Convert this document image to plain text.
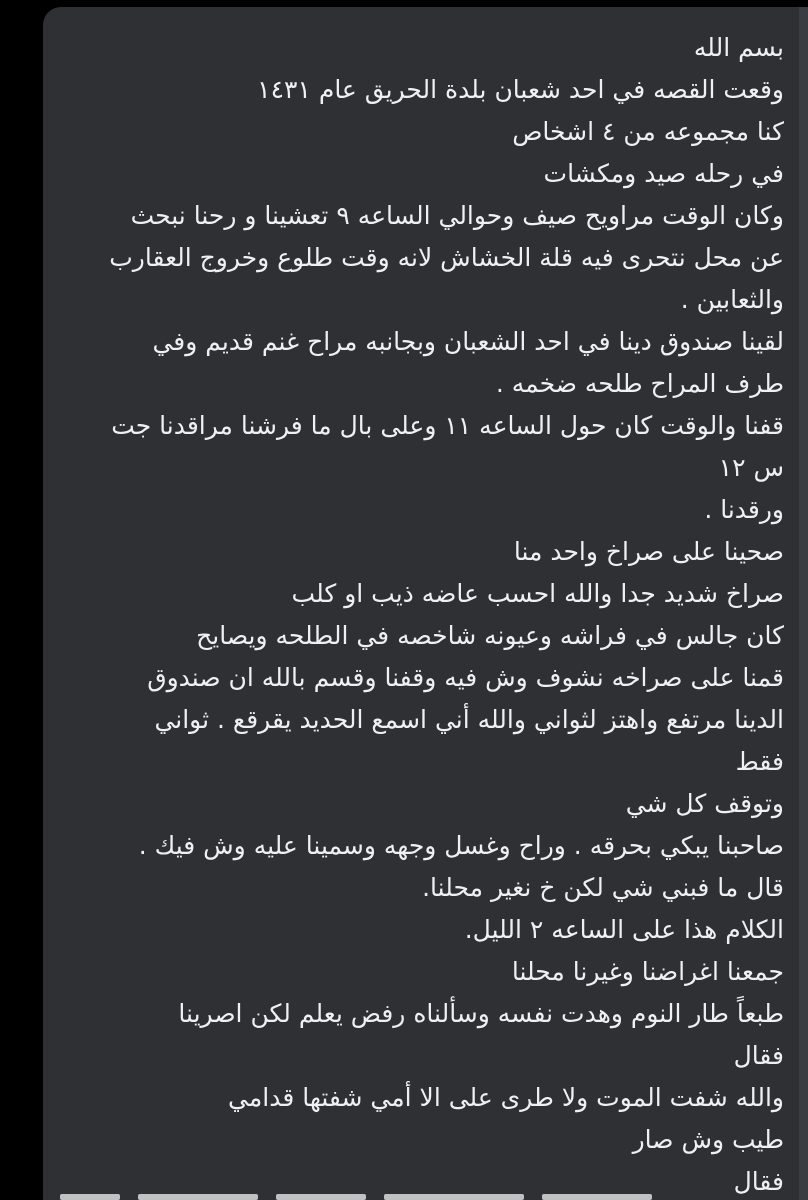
بسم الله
وقعت القصه في احد شعبان بلدة الحريق عام ١٤٣١
كنا مجموعه من ٤ اشخاص
في رحله صيد ومكشات
وكان الوقت مراويح صيف وحوالي الساعه ٩ تعشينا و رحنا نبحث
عن محل نتحرى فيه قلة الخشاش لانه وقت طلوع وخروج العقارب
والثعابين .
لقينا صندوق دينا في احد الشعبان وبجانبه مراح غنم قديم وفي
طرف المراح طلحه ضخمه .
قفنا والوقت كان حول الساعه ١١ وعلى بال ما فرشنا مراقدنا جت
س ١٢
ورقدنا .
صحينا على صراخ واحد منا
صراخ شديد جدا والله احسب عاضه ذيب او كلب
كان جالس في فراشه وعيونه شاخصه في الطلحه ويصايح
قمنا على صراخه نشوف وش فيه وقفنا وقسم بالله ان صندوق
الدينا مرتفع واهتز لثواني والله أني اسمع الحديد يقرقع . ثواني
فقط
وتوقف كل شي
صاحبنا يبكي بحرقه . وراح وغسل وجهه وسمينا عليه وش فيك .
قال ما فبني شي لكن خ نغير محلنا.
الكلام هذا على الساعه ٢ الليل.
جمعنا اغراضنا وغيرنا محلنا
طبعاً طار النوم وهدت نفسه وسألناه رفض يعلم لكن اصرينا
فقال
والله شفت الموت ولا طرى على الا أمي شفتها قدامي
طيب وش صار
فقال
